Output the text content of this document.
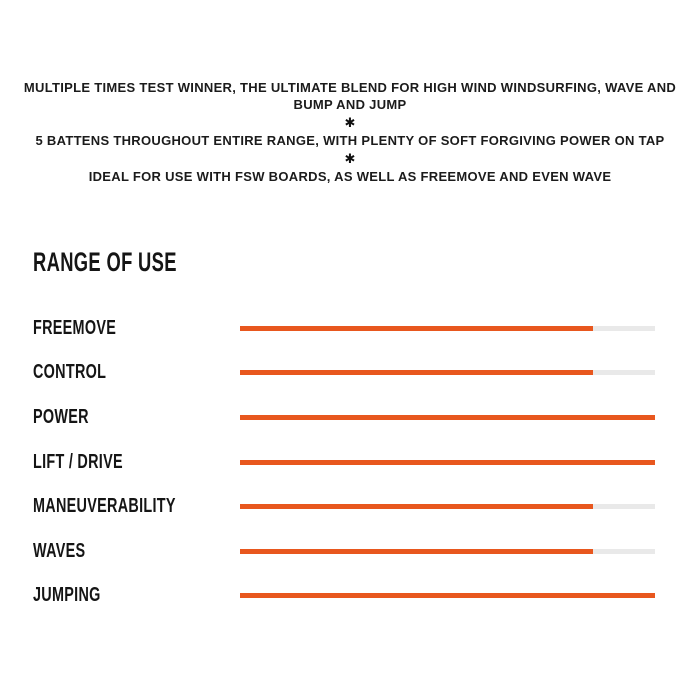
MULTIPLE TIMES TEST WINNER, THE ULTIMATE BLEND FOR HIGH WIND WINDSURFING, WAVE AND BUMP AND JUMP

✱

5 BATTENS THROUGHOUT ENTIRE RANGE, WITH PLENTY OF SOFT FORGIVING POWER ON TAP

✱

IDEAL FOR USE WITH FSW BOARDS, AS WELL AS FREEMOVE AND EVEN WAVE

RANGE OF USE
FREEMOVE
CONTROL
POWER
LIFT / DRIVE
MANEUVERABILITY
WAVES
JUMPING
